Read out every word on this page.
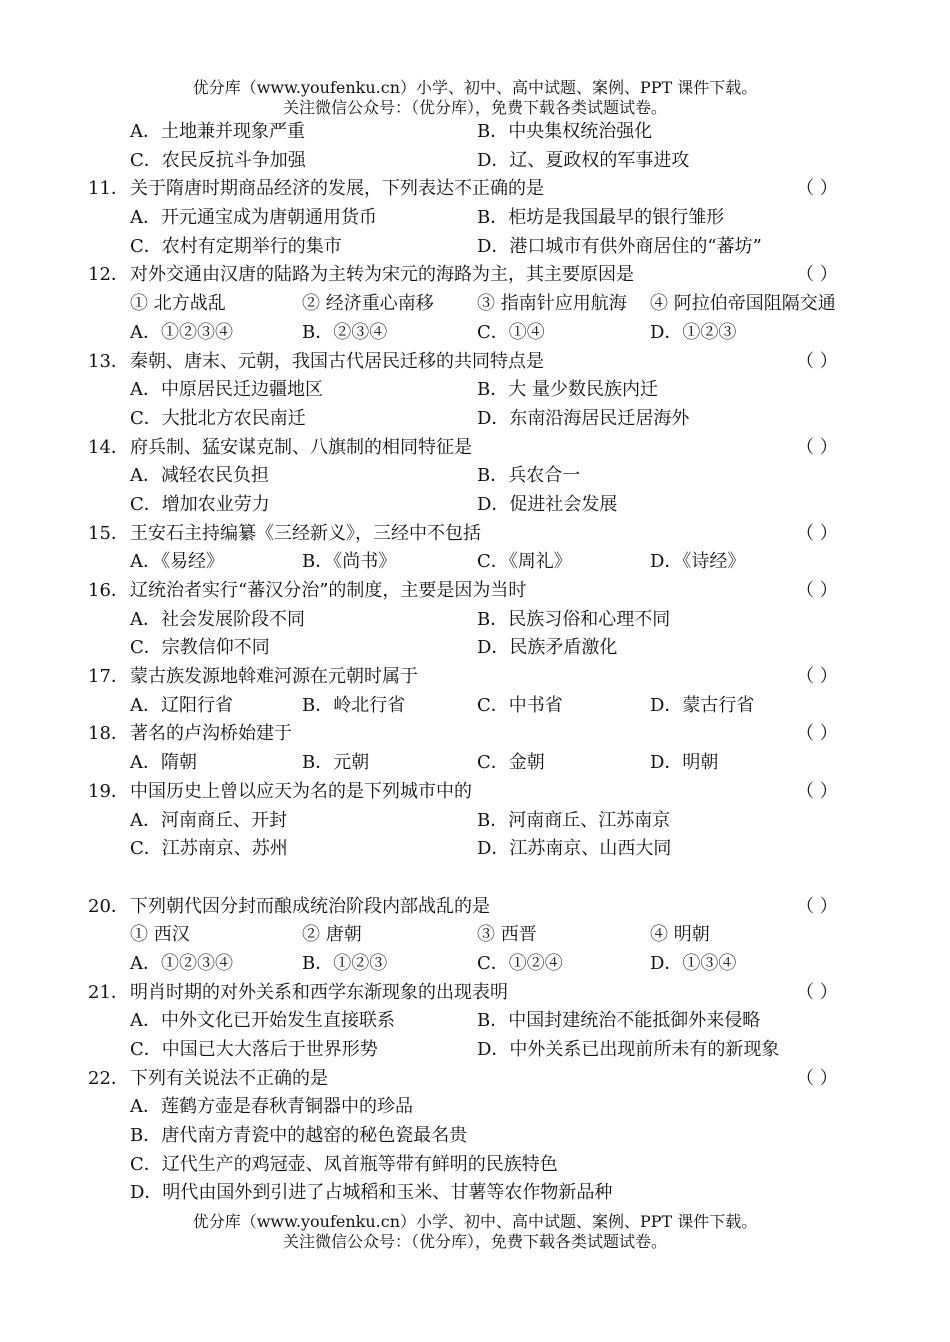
优分库（www.youfenku.cn）小学、初中、高中试题、案例、PPT 课件下载。
关注微信公众号：（优分库），免费下载各类试题试卷。
A．土地兼并现象严重	B．中央集权统治强化
C．农民反抗斗争加强	D．辽、夏政权的军事进攻
11． 关于隋唐时期商品经济的发展，下列表达不正确的是	（ ）
A．开元通宝成为唐朝通用货币	B．柜坊是我国最早的银行雏形
C．农村有定期举行的集市	D．港口城市有供外商居住的“蕃坊”
12． 对外交通由汉唐的陆路为主转为宋元的海路为主，其主要原因是	（ ）
① 北方战乱	② 经济重心南移 ③ 指南针应用航海 ④ 阿拉伯帝国阻隔交通
A．①②③④	B．②③④	C．①④	D．①②③
13． 秦朝、唐末、元朝，我国古代居民迁移的共同特点是	（ ）
A．中原居民迁边疆地区	B．大 量少数民族内迁
C．大批北方农民南迁	D．东南沿海居民迁居海外
14． 府兵制、猛安谋克制、八旗制的相同特征是	（ ）
A．减轻农民负担	B．兵农合一
C．增加农业劳力	D．促进社会发展
15． 王安石主持编纂《三经新义》，三经中不包括	（ ）
A．《易经》	B．《尚书》	C．《周礼》	D．《诗经》
16． 辽统治者实行“蕃汉分治”的制度，主要是因为当时	（ ）
A．社会发展阶段不同	B．民族习俗和心理不同
C．宗教信仰不同	D．民族矛盾激化
17． 蒙古族发源地斡难河源在元朝时属于	（ ）
A．辽阳行省	B．岭北行省	C．中书省	D．蒙古行省
18． 著名的卢沟桥始建于	（ ）
A．隋朝	B．元朝	C．金朝	D．明朝
19． 中国历史上曾以应天为名的是下列城市中的	（ ）
A．河南商丘、开封	B．河南商丘、江苏南京
C．江苏南京、苏州	D．江苏南京、山西大同
20． 下列朝代因分封而酿成统治阶段内部战乱的是	（ ）
① 西汉	② 唐朝	③ 西晋	④ 明朝
A．①②③④	B．①②③	C．①②④	D．①③④
21． 明肖时期的对外关系和西学东渐现象的出现表明	（ ）
A．中外文化已开始发生直接联系	B．中国封建统治不能抵御外来侵略
C．中国已大大落后于世界形势	D．中外关系已出现前所未有的新现象
22． 下列有关说法不正确的是	（ ）
A．莲鹤方壶是春秋青铜器中的珍品
B．唐代南方青瓷中的越窑的秘色瓷最名贵
C．辽代生产的鸡冠壶、凤首瓶等带有鲜明的民族特色
D．明代由国外到引进了占城稻和玉米、甘薯等农作物新品种
优分库（www.youfenku.cn）小学、初中、高中试题、案例、PPT 课件下载。
关注微信公众号：（优分库），免费下载各类试题试卷。
